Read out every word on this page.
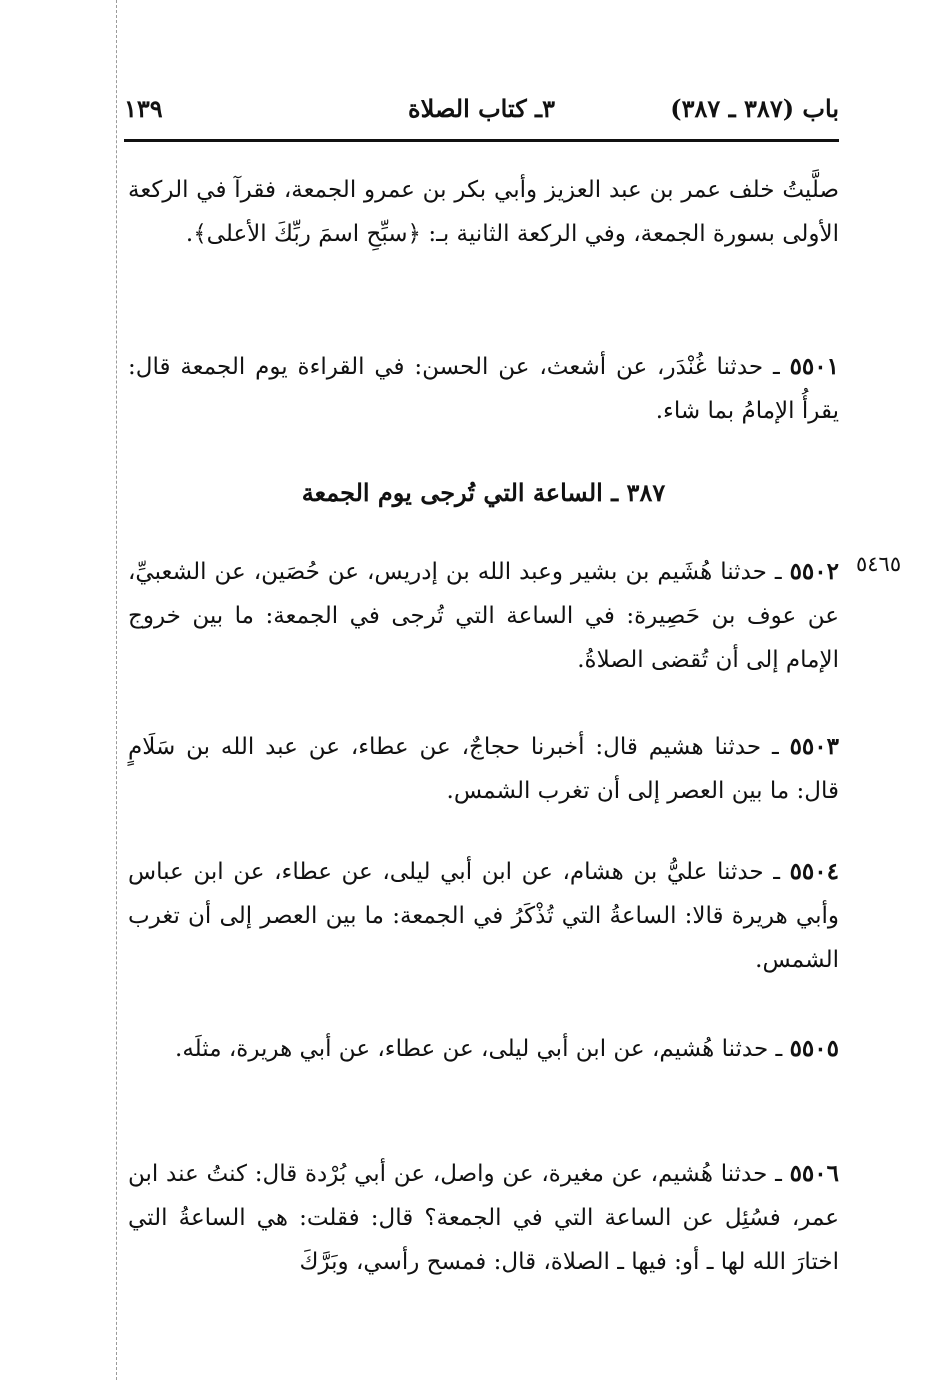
باب (٣٨٧ ـ ٣٨٧)
٣ـ كتاب الصلاة
١٣٩

صلَّيتُ خلف عمر بن عبد العزيز وأبي بكر بن عمرو الجمعة، فقرآ في الركعة الأولى بسورة الجمعة، وفي الركعة الثانية بـ: ﴿سبِّحِ اسمَ ربِّكَ الأعلى﴾.

٥٥٠١ ـ حدثنا غُنْدَر، عن أشعث، عن الحسن: في القراءة يوم الجمعة قال: يقرأُ الإمامُ بما شاء.

٣٨٧ ـ الساعة التي تُرجى يوم الجمعة
٥٤٦٥

٥٥٠٢ ـ حدثنا هُشَيم بن بشير وعبد الله بن إدريس، عن حُصَين، عن الشعبيِّ، عن عوف بن حَصِيرة: في الساعة التي تُرجى في الجمعة: ما بين خروج الإمام إلى أن تُقضى الصلاةُ.

٥٥٠٣ ـ حدثنا هشيم قال: أخبرنا حجاجٌ، عن عطاء، عن عبد الله بن سَلَامٍ قال: ما بين العصر إلى أن تغرب الشمس.

٥٥٠٤ ـ حدثنا عليُّ بن هشام، عن ابن أبي ليلى، عن عطاء، عن ابن عباس وأبي هريرة قالا: الساعةُ التي تُذْكَرُ في الجمعة: ما بين العصر إلى أن تغرب الشمس.

٥٥٠٥ ـ حدثنا هُشيم، عن ابن أبي ليلى، عن عطاء، عن أبي هريرة، مثلَه.

٥٥٠٦ ـ حدثنا هُشيم، عن مغيرة، عن واصل، عن أبي بُرْدة قال: كنتُ عند ابن عمر، فسُئِل عن الساعة التي في الجمعة؟ قال: فقلت: هي الساعةُ التي اختارَ الله لها ـ أو: فيها ـ الصلاة، قال: فمسح رأسي، وبَرَّكَ
